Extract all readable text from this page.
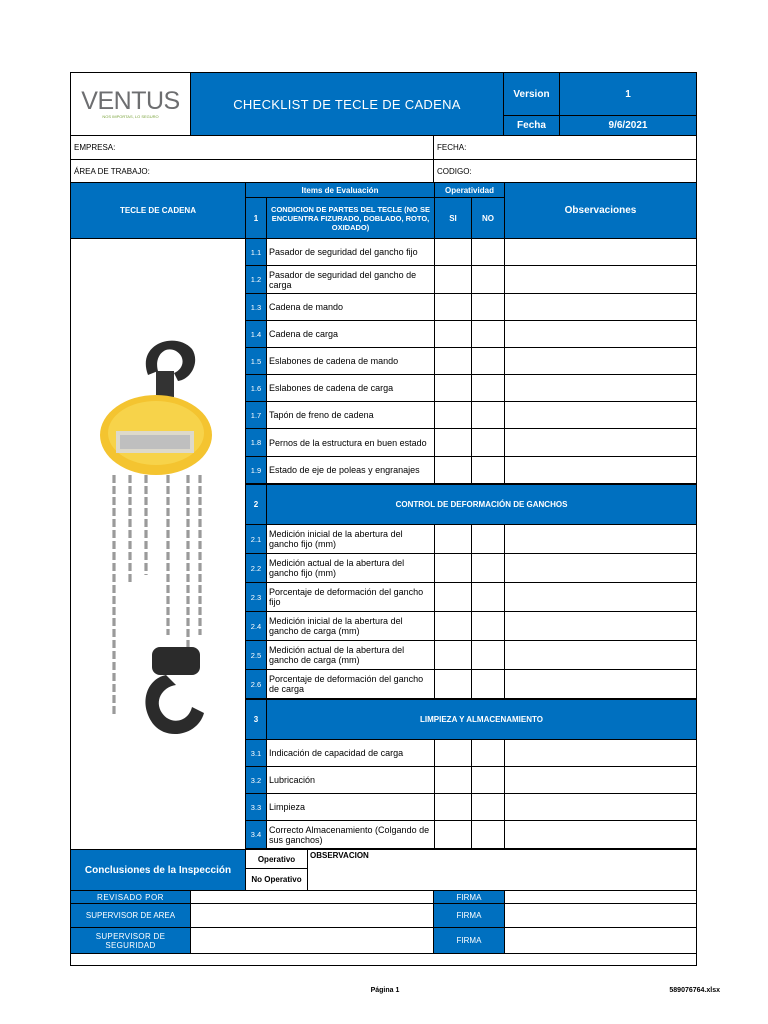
VENTUS
NOS IMPORTAS, LO SEGURO
CHECKLIST DE TECLE DE CADENA
Version	1
Fecha	9/6/2021
EMPRESA:	FECHA:
ÁREA DE TRABAJO:	CODIGO:
TECLE DE CADENA
Items de Evaluación	Operatividad
1
CONDICION DE PARTES DEL TECLE (NO SE ENCUENTRA FIZURADO, DOBLADO, ROTO, OXIDADO)
SI	NO
Observaciones
1.1 Pasador de seguridad del gancho fijo
1.2 Pasador de seguridad del gancho de carga
1.3 Cadena de mando
1.4 Cadena de carga
1.5 Eslabones de cadena de mando
1.6 Eslabones de cadena de carga
1.7 Tapón de freno de cadena
1.8 Pernos de la estructura en buen estado
1.9 Estado de eje de poleas y engranajes
2	CONTROL DE DEFORMACIÓN DE GANCHOS
2.1 Medición inicial de la abertura del gancho fijo (mm)
2.2 Medición actual de la abertura del gancho fijo (mm)
2.3 Porcentaje de deformación del gancho fijo
2.4 Medición inicial de la abertura del gancho de carga (mm)
2.5 Medición actual de la abertura del gancho de carga (mm)
2.6 Porcentaje de deformación del gancho de carga
3	LIMPIEZA Y ALMACENAMIENTO
3.1 Indicación de capacidad de carga
3.2 Lubricación
3.3 Limpieza
3.4 Correcto Almacenamiento (Colgando de sus ganchos)
Conclusiones de la Inspección
Operativo
No Operativo
OBSERVACION
REVISADO POR	FIRMA
SUPERVISOR DE AREA	FIRMA
SUPERVISOR DE SEGURIDAD	FIRMA
Página 1	589076764.xlsx
